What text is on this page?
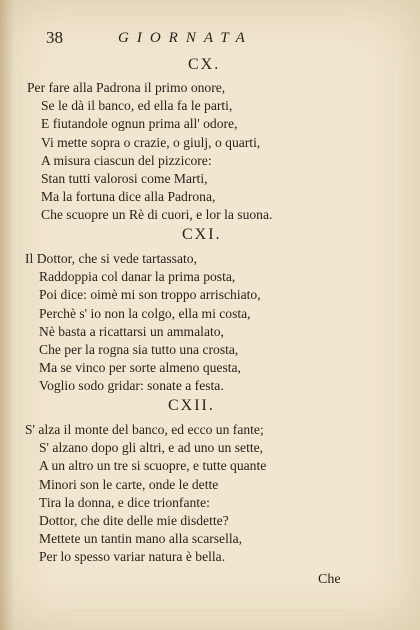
38	GIORNATA
CX.
Per fare alla Padrona il primo onore,
Se le dà il banco, ed ella fa le parti,
E fiutandole ognun prima all' odore,
Vi mette sopra o crazie, o giulj, o quarti,
A misura ciascun del pizzicore:
Stan tutti valorosi come Marti,
Ma la fortuna dice alla Padrona,
Che scuopre un Rè di cuori, e lor la suona.
CXI.
Il Dottor, che si vede tartassato,
Raddoppia col danar la prima posta,
Poi dice: oimè mi son troppo arrischiato,
Perchè s' io non la colgo, ella mi costa,
Nè basta a ricattarsi un ammalato,
Che per la rogna sia tutto una crosta,
Ma se vinco per sorte almeno questa,
Voglio sodo gridar: sonate a festa.
CXII.
S' alza il monte del banco, ed ecco un fante;
S' alzano dopo gli altri, e ad uno un sette,
A un altro un tre si scuopre, e tutte quante
Minori son le carte, onde le dette
Tira la donna, e dice trionfante:
Dottor, che dite delle mie disdette?
Mettete un tantin mano alla scarsella,
Per lo spesso variar natura è bella.
Che
